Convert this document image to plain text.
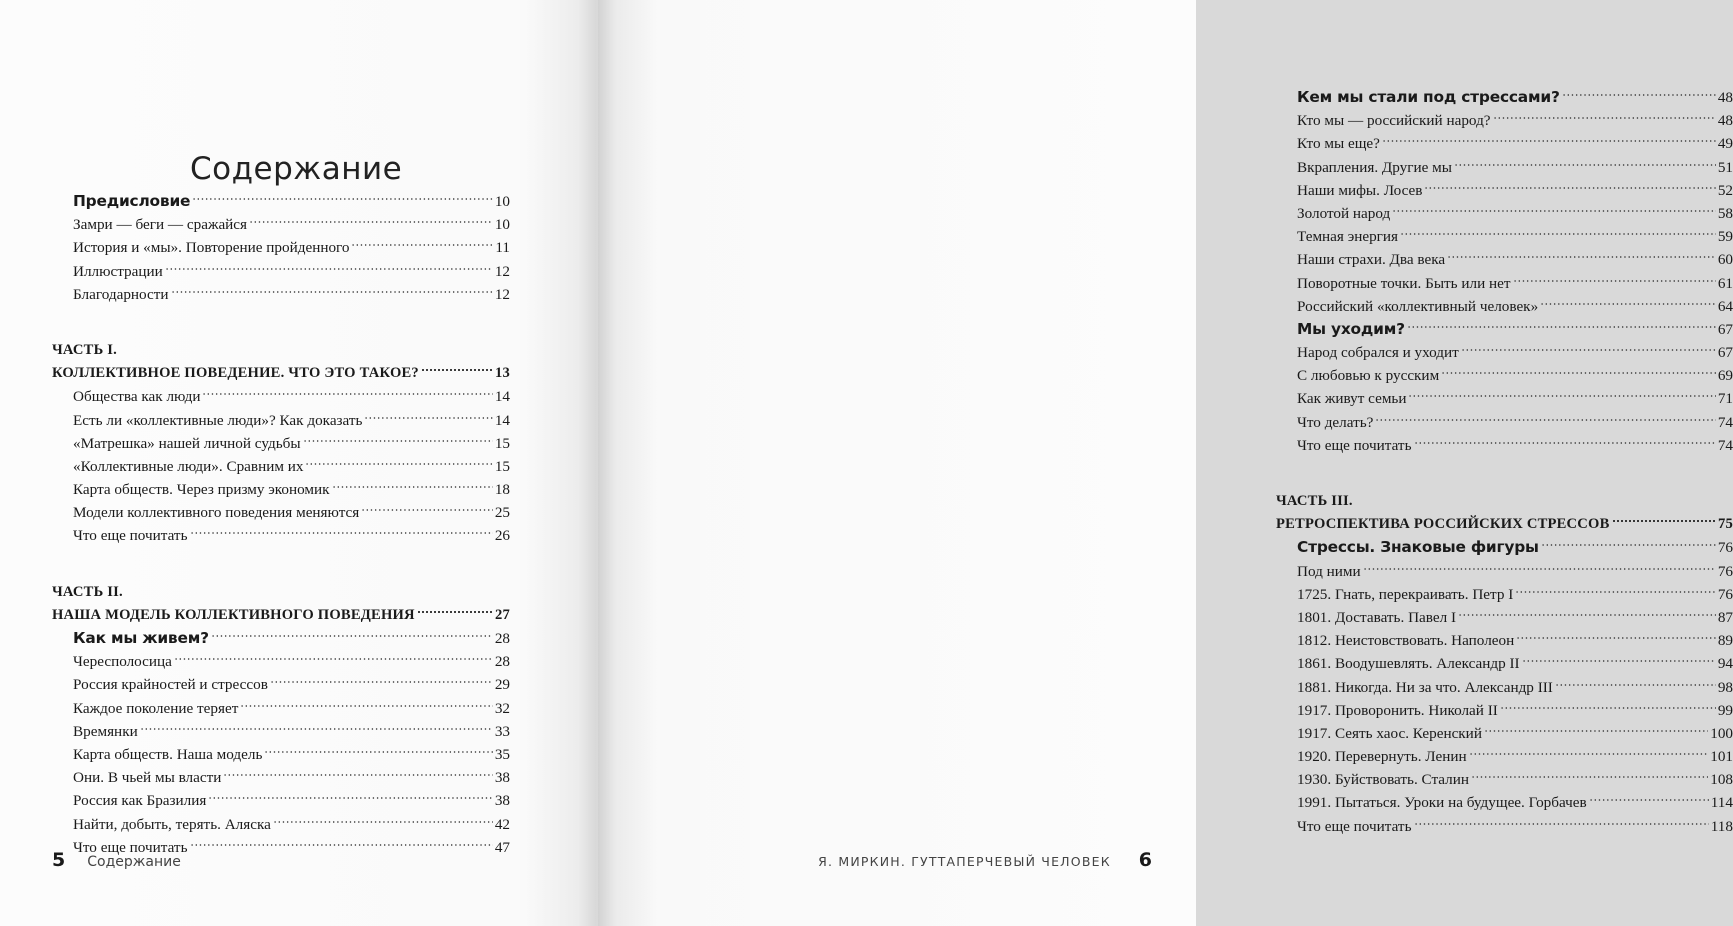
Содержание
Предисловие	10
Замри — беги — сражайся	10
История и «мы». Повторение пройденного	11
Иллюстрации	12
Благодарности	12
ЧАСТЬ I.
КОЛЛЕКТИВНОЕ ПОВЕДЕНИЕ. ЧТО ЭТО ТАКОЕ?	13
Общества как люди	14
Есть ли «коллективные люди»? Как доказать	14
«Матрешка» нашей личной судьбы	15
«Коллективные люди». Сравним их	15
Карта обществ. Через призму экономик	18
Модели коллективного поведения меняются	25
Что еще почитать	26
ЧАСТЬ II.
НАША МОДЕЛЬ КОЛЛЕКТИВНОГО ПОВЕДЕНИЯ	27
Как мы живем?	28
Чересполосица	28
Россия крайностей и стрессов	29
Каждое поколение теряет	32
Времянки	33
Карта обществ. Наша модель	35
Они. В чьей мы власти	38
Россия как Бразилия	38
Найти, добыть, терять. Аляска	42
Что еще почитать	47
5 Содержание
Кем мы стали под стрессами?	48
Кто мы — российский народ?	48
Кто мы еще?	49
Вкрапления. Другие мы	51
Наши мифы. Лосев	52
Золотой народ	58
Темная энергия	59
Наши страхи. Два века	60
Поворотные точки. Быть или нет	61
Российский «коллективный человек»	64
Мы уходим?	67
Народ собрался и уходит	67
С любовью к русским	69
Как живут семьи	71
Что делать?	74
Что еще почитать	74
ЧАСТЬ III.
РЕТРОСПЕКТИВА РОССИЙСКИХ СТРЕССОВ	75
Стрессы. Знаковые фигуры	76
Под ними	76
1725. Гнать, перекраивать. Петр I	76
1801. Доставать. Павел I	87
1812. Неистовствовать. Наполеон	89
1861. Воодушевлять. Александр II	94
1881. Никогда. Ни за что. Александр III	98
1917. Проворонить. Николай II	99
1917. Сеять хаос. Керенский	100
1920. Перевернуть. Ленин	101
1930. Буйствовать. Сталин	108
1991. Пытаться. Уроки на будущее. Горбачев	114
Что еще почитать	118
Я. МИРКИН. ГУТТАПЕРЧЕВЫЙ ЧЕЛОВЕК 6
